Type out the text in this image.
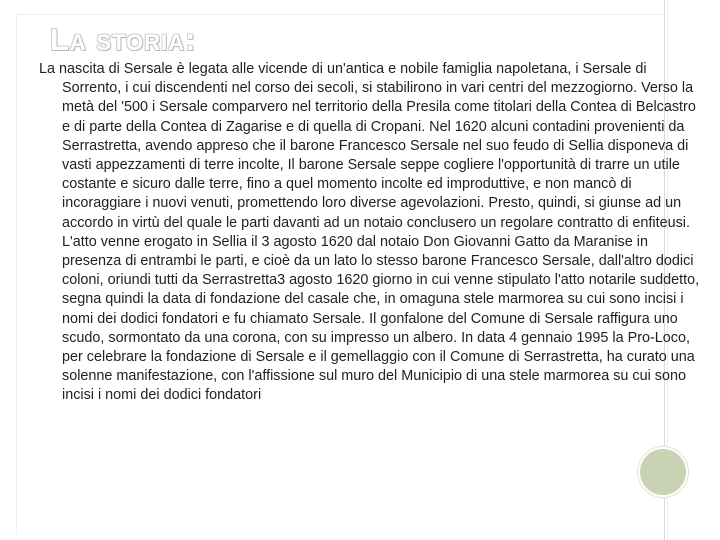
La storia:

La nascita di Sersale è legata alle vicende di un'antica e nobile famiglia napoletana, i Sersale di Sorrento, i cui discendenti nel corso dei secoli, si stabilirono in vari centri del mezzogiorno. Verso la metà del '500 i Sersale comparvero nel territorio della Presila come titolari della Contea di Belcastro e di parte della Contea di Zagarise e di quella di Cropani. Nel 1620 alcuni contadini provenienti da Serrastretta, avendo appreso che il barone Francesco Sersale nel suo feudo di Sellia disponeva di vasti appezzamenti di terre incolte, Il barone Sersale seppe cogliere l'opportunità di trarre un utile costante e sicuro dalle terre, fino a quel momento incolte ed improduttive, e non mancò di incoraggiare i nuovi venuti, promettendo loro diverse agevolazioni. Presto, quindi, si giunse ad un accordo in virtù del quale le parti davanti ad un notaio conclusero un regolare contratto di enfiteusi. L'atto venne erogato in Sellia il 3 agosto 1620 dal notaio Don Giovanni Gatto da Maranise in presenza di entrambi le parti, e cioè da un lato lo stesso barone Francesco Sersale, dall'altro dodici coloni, oriundi tutti da Serrastretta3 agosto 1620 giorno in cui venne stipulato l'atto notarile suddetto, segna quindi la data di fondazione del casale che, in omaguna stele marmorea su cui sono incisi i nomi dei dodici fondatori e fu chiamato Sersale. Il gonfalone del Comune di Sersale raffigura uno scudo, sormontato da una corona, con su impresso un albero. In data 4 gennaio 1995 la Pro-Loco, per celebrare la fondazione di Sersale e il gemellaggio con il Comune di Serrastretta, ha curato una solenne manifestazione, con l'affissione sul muro del Municipio di una stele marmorea su cui sono incisi i nomi dei dodici fondatori
